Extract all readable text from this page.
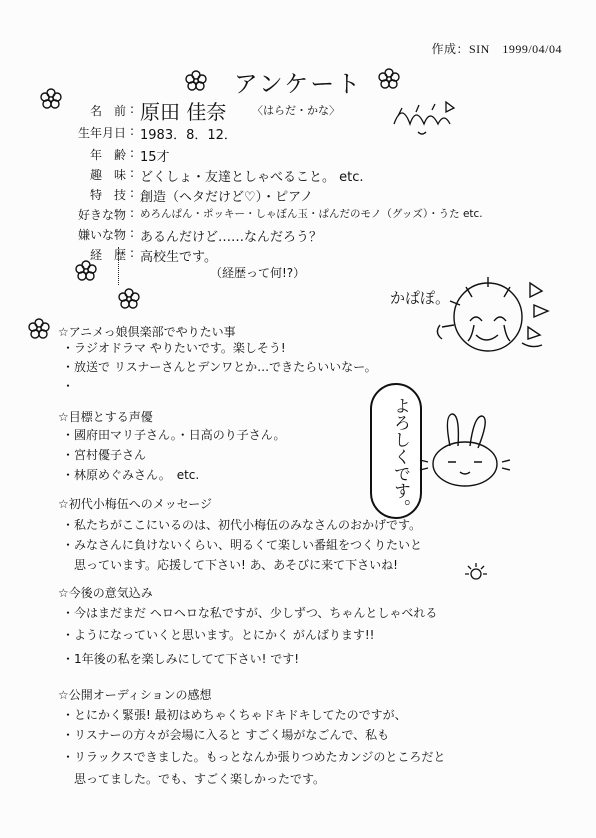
作成：SIN　1999/04/04
アンケート
名　前 : 原田 佳奈 〈はらだ・かな〉
生年月日 : 1983．8．12．
年　齢 : 15才
趣　味 : どくしょ・友達としゃべること。 etc.
特　技 : 創造（ヘタだけど♡）・ピアノ
好きな物 : めろんぱん・ポッキー・しゃぼん玉・ぱんだのモノ（グッズ）・うた etc.
嫌いな物 : あるんだけど……なんだろう？
経　歴 : 高校生です。
（経歴って何!?）
かぱぽ。
よろしくです。
☆アニメっ娘倶楽部でやりたい事
・ラジオドラマ やりたいです。楽しそう!
・放送で リスナーさんとデンワとか…できたらいいなー。
・
☆目標とする声優
・國府田マリ子さん。・日高のり子さん。
・宮村優子さん
・林原めぐみさん。　etc.
☆初代小梅伍へのメッセージ
・私たちがここにいるのは、初代小梅伍のみなさんのおかげです。
・みなさんに負けないくらい、明るくて楽しい番組をつくりたいと
　思っています。応援して下さい! あ、あそびに来て下さいね!
☆今後の意気込み
・今はまだまだ ヘロヘロな私ですが、少しずつ、ちゃんとしゃべれる
・ようになっていくと思います。とにかく がんばります!!
・1年後の私を楽しみにしてて下さい! です!
☆公開オーディションの感想
・とにかく緊張! 最初はめちゃくちゃドキドキしてたのですが、
・リスナーの方々が会場に入ると すごく場がなごんで、私も
・リラックスできました。もっとなんか張りつめたカンジのところだと
　思ってました。でも、すごく楽しかったです。
